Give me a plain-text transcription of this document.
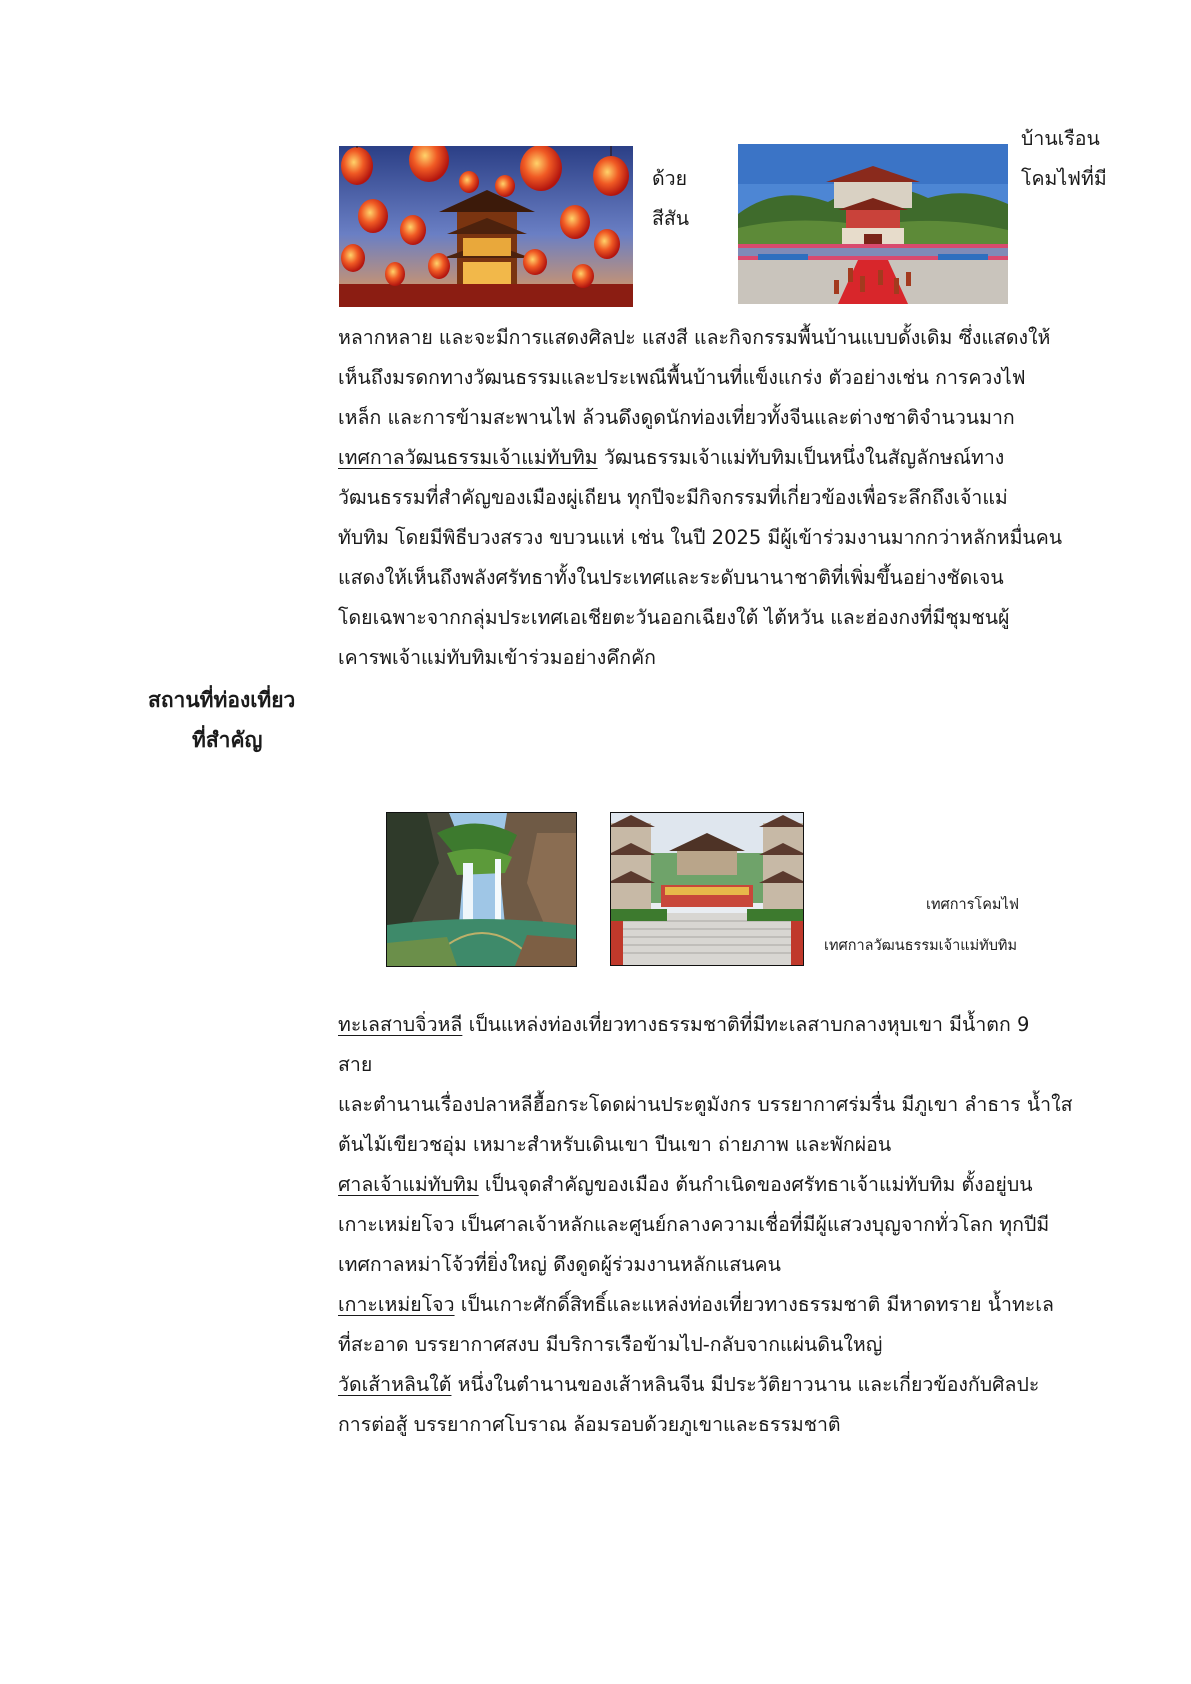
ด้วย
สีสัน
บ้านเรือน
โคมไฟที่มี
หลากหลาย และจะมีการแสดงศิลปะ แสงสี และกิจกรรมพื้นบ้านแบบดั้งเดิม ซึ่งแสดงให้
เห็นถึงมรดกทางวัฒนธรรมและประเพณีพื้นบ้านที่แข็งแกร่ง ตัวอย่างเช่น การควงไฟ
เหล็ก และการข้ามสะพานไฟ ล้วนดึงดูดนักท่องเที่ยวทั้งจีนและต่างชาติจำนวนมาก
เทศกาลวัฒนธรรมเจ้าแม่ทับทิม วัฒนธรรมเจ้าแม่ทับทิมเป็นหนึ่งในสัญลักษณ์ทาง
วัฒนธรรมที่สำคัญของเมืองผู่เถียน ทุกปีจะมีกิจกรรมที่เกี่ยวข้องเพื่อระลึกถึงเจ้าแม่
ทับทิม โดยมีพิธีบวงสรวง ขบวนแห่ เช่น ในปี 2025 มีผู้เข้าร่วมงานมากกว่าหลักหมื่นคน
แสดงให้เห็นถึงพลังศรัทธาทั้งในประเทศและระดับนานาชาติที่เพิ่มขึ้นอย่างชัดเจน
โดยเฉพาะจากกลุ่มประเทศเอเชียตะวันออกเฉียงใต้ ไต้หวัน และฮ่องกงที่มีชุมชนผู้
เคารพเจ้าแม่ทับทิมเข้าร่วมอย่างคึกคัก
สถานที่ท่องเที่ยว
ที่สำคัญ
เทศการโคมไฟ
เทศกาลวัฒนธรรมเจ้าแม่ทับทิม
ทะเลสาบจิ่วหลี เป็นแหล่งท่องเที่ยวทางธรรมชาติที่มีทะเลสาบกลางหุบเขา มีน้ำตก 9
สาย
และตำนานเรื่องปลาหลีฮื้อกระโดดผ่านประตูมังกร บรรยากาศร่มรื่น มีภูเขา ลำธาร น้ำใส
ต้นไม้เขียวชอุ่ม เหมาะสำหรับเดินเขา ปีนเขา ถ่ายภาพ และพักผ่อน
ศาลเจ้าแม่ทับทิม เป็นจุดสำคัญของเมือง ต้นกำเนิดของศรัทธาเจ้าแม่ทับทิม ตั้งอยู่บน
เกาะเหม่ยโจว เป็นศาลเจ้าหลักและศูนย์กลางความเชื่อที่มีผู้แสวงบุญจากทั่วโลก ทุกปีมี
เทศกาลหม่าโจ้วที่ยิ่งใหญ่ ดึงดูดผู้ร่วมงานหลักแสนคน
เกาะเหม่ยโจว เป็นเกาะศักดิ์สิทธิ์และแหล่งท่องเที่ยวทางธรรมชาติ มีหาดทราย น้ำทะเล
ที่สะอาด บรรยากาศสงบ มีบริการเรือข้ามไป-กลับจากแผ่นดินใหญ่
วัดเส้าหลินใต้ หนึ่งในตำนานของเส้าหลินจีน มีประวัติยาวนาน และเกี่ยวข้องกับศิลปะ
การต่อสู้ บรรยากาศโบราณ ล้อมรอบด้วยภูเขาและธรรมชาติ
